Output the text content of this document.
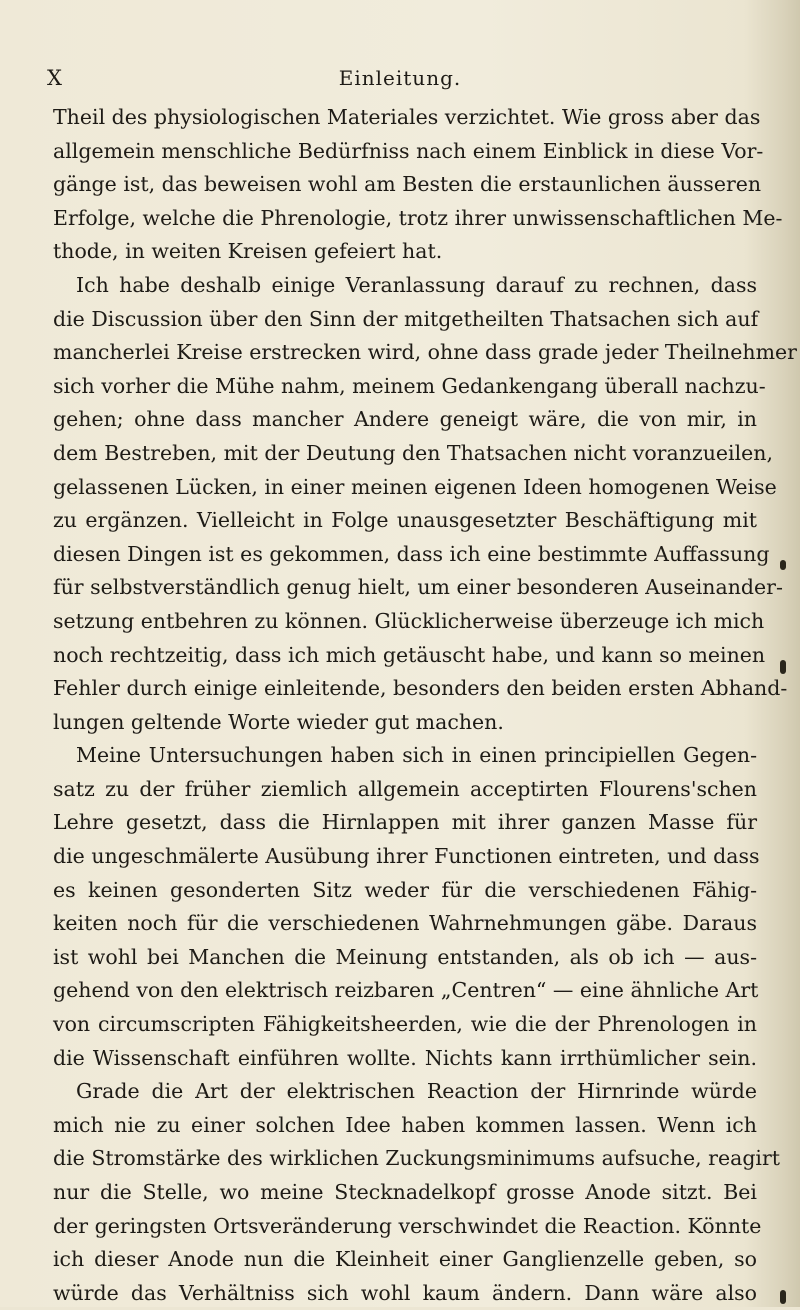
X	Einleitung.
Theil des physiologischen Materiales verzichtet. Wie gross aber das
allgemein menschliche Bedürfniss nach einem Einblick in diese Vor-
gänge ist, das beweisen wohl am Besten die erstaunlichen äusseren
Erfolge, welche die Phrenologie, trotz ihrer unwissenschaftlichen Me-
thode, in weiten Kreisen gefeiert hat.
Ich habe deshalb einige Veranlassung darauf zu rechnen, dass
die Discussion über den Sinn der mitgetheilten Thatsachen sich auf
mancherlei Kreise erstrecken wird, ohne dass grade jeder Theilnehmer
sich vorher die Mühe nahm, meinem Gedankengang überall nachzu-
gehen; ohne dass mancher Andere geneigt wäre, die von mir, in
dem Bestreben, mit der Deutung den Thatsachen nicht voranzueilen,
gelassenen Lücken, in einer meinen eigenen Ideen homogenen Weise
zu ergänzen. Vielleicht in Folge unausgesetzter Beschäftigung mit
diesen Dingen ist es gekommen, dass ich eine bestimmte Auffassung
für selbstverständlich genug hielt, um einer besonderen Auseinander-
setzung entbehren zu können. Glücklicherweise überzeuge ich mich
noch rechtzeitig, dass ich mich getäuscht habe, und kann so meinen
Fehler durch einige einleitende, besonders den beiden ersten Abhand-
lungen geltende Worte wieder gut machen.
Meine Untersuchungen haben sich in einen principiellen Gegen-
satz zu der früher ziemlich allgemein acceptirten Flourens'schen
Lehre gesetzt, dass die Hirnlappen mit ihrer ganzen Masse für
die ungeschmälerte Ausübung ihrer Functionen eintreten, und dass
es keinen gesonderten Sitz weder für die verschiedenen Fähig-
keiten noch für die verschiedenen Wahrnehmungen gäbe. Daraus
ist wohl bei Manchen die Meinung entstanden, als ob ich — aus-
gehend von den elektrisch reizbaren „Centren“ — eine ähnliche Art
von circumscripten Fähigkeitsheerden, wie die der Phrenologen in
die Wissenschaft einführen wollte. Nichts kann irrthümlicher sein.
Grade die Art der elektrischen Reaction der Hirnrinde würde
mich nie zu einer solchen Idee haben kommen lassen. Wenn ich
die Stromstärke des wirklichen Zuckungsminimums aufsuche, reagirt
nur die Stelle, wo meine Stecknadelkopf grosse Anode sitzt. Bei
der geringsten Ortsveränderung verschwindet die Reaction. Könnte
ich dieser Anode nun die Kleinheit einer Ganglienzelle geben, so
würde das Verhältniss sich wohl kaum ändern. Dann wäre also
